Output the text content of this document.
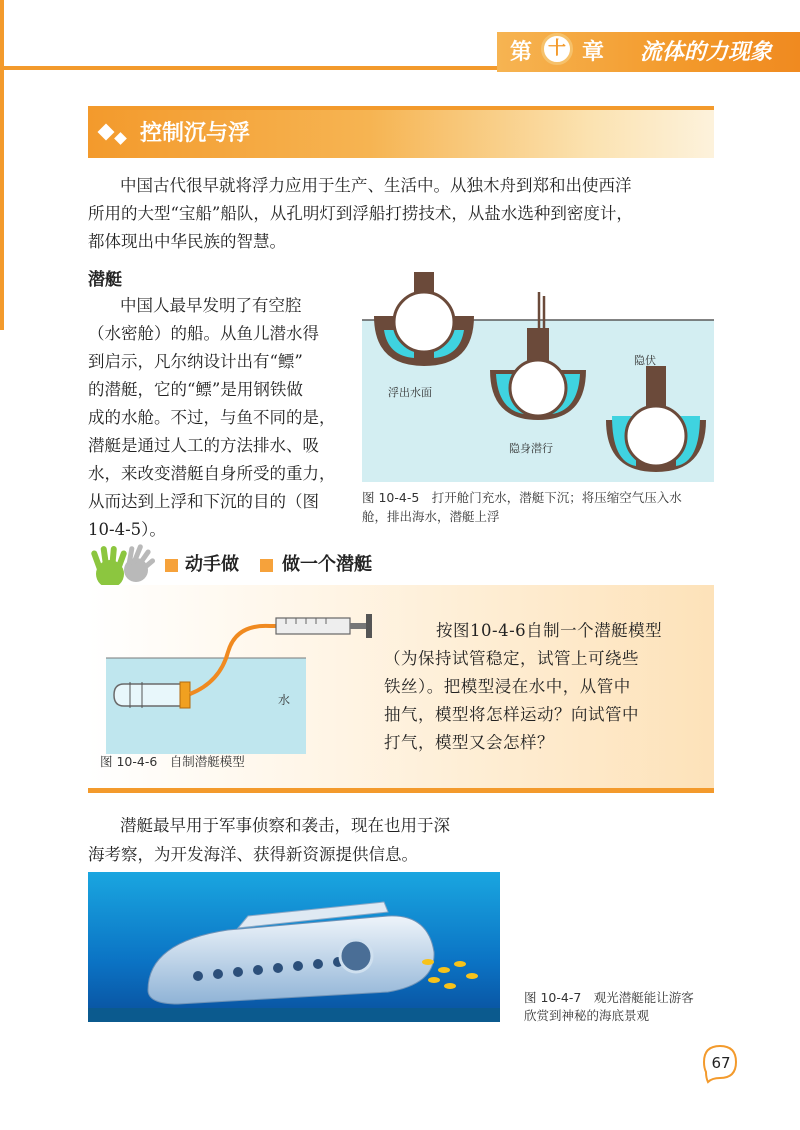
第 十 章 流体的力现象
控制沉与浮
中国古代很早就将浮力应用于生产、生活中。从独木舟到郑和出使西洋
所用的大型“宝船”船队，从孔明灯到浮船打捞技术，从盐水选种到密度计，
都体现出中华民族的智慧。
潜艇
中国人最早发明了有空腔
（水密舱）的船。从鱼儿潜水得
到启示，凡尔纳设计出有“鳔”
的潜艇，它的“鳔”是用钢铁做
成的水舱。不过，与鱼不同的是，
潜艇是通过人工的方法排水、吸
水，来改变潜艇自身所受的重力，
从而达到上浮和下沉的目的（图
10-4-5）。
浮出水面
隐身潜行
隐伏
图 10-4-5　打开舱门充水，潜艇下沉；将压缩空气压入水
舱，排出海水，潜艇上浮
动手做 做一个潜艇
水
图 10-4-6　自制潜艇模型
按图10-4-6自制一个潜艇模型
（为保持试管稳定，试管上可绕些
铁丝）。把模型浸在水中，从管中
抽气，模型将怎样运动？向试管中
打气，模型又会怎样？
潜艇最早用于军事侦察和袭击，现在也用于深
海考察，为开发海洋、获得新资源提供信息。
图 10-4-7　观光潜艇能让游客
欣赏到神秘的海底景观
67
